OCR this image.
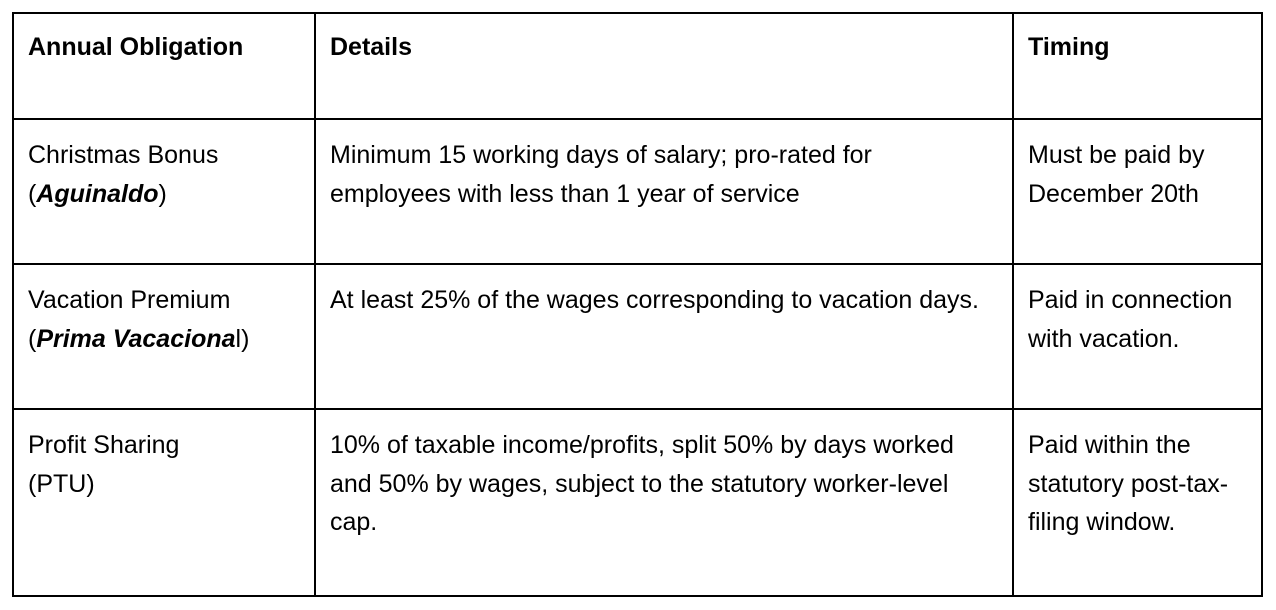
Annual Obligation	Details	Timing

Christmas Bonus
(Aguinaldo)	Minimum 15 working days of salary; pro-rated for employees with less than 1 year of service	Must be paid by December 20th

Vacation Premium
(Prima Vacacional)	At least 25% of the wages corresponding to vacation days.	Paid in connection with vacation.

Profit Sharing
(PTU)	10% of taxable income/profits, split 50% by days worked and 50% by wages, subject to the statutory worker-level cap.	Paid within the statutory post-tax-filing window.
